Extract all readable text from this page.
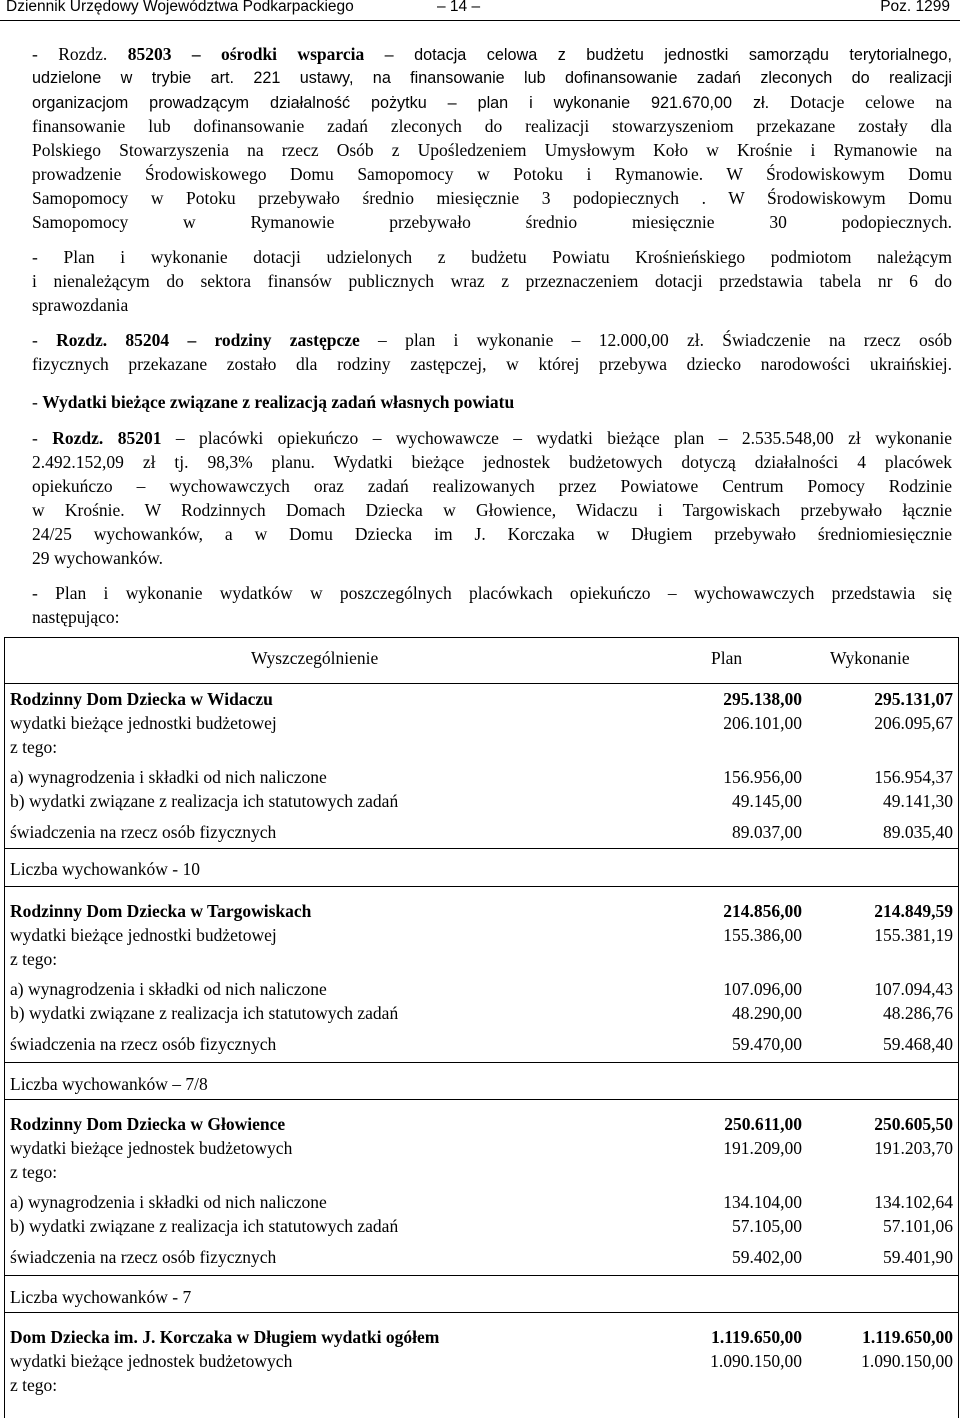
Dziennik Urzędowy Województwa Podkarpackiego	– 14 –	Poz. 1299
- Rozdz. 85203 – ośrodki wsparcia – dotacja celowa z budżetu jednostki samorządu terytorialnego,
udzielone w trybie art. 221 ustawy, na finansowanie lub dofinansowanie zadań zleconych do realizacji
organizacjom prowadzącym działalność pożytku – plan i wykonanie 921.670,00 zł. Dotacje celowe na
finansowanie lub dofinansowanie zadań zleconych do realizacji stowarzyszeniom przekazane zostały dla
Polskiego Stowarzyszenia na rzecz Osób z Upośledzeniem Umysłowym Koło w Krośnie i Rymanowie na
prowadzenie Środowiskowego Domu Samopomocy w Potoku i Rymanowie. W Środowiskowym Domu
Samopomocy w Potoku przebywało średnio miesięcznie 3 podopiecznych . W Środowiskowym Domu
Samopomocy w Rymanowie przebywało średnio miesięcznie 30 podopiecznych.
- Plan i wykonanie dotacji udzielonych z budżetu Powiatu Krośnieńskiego podmiotom należącym
i nienależącym do sektora finansów publicznych wraz z przeznaczeniem dotacji przedstawia tabela nr 6 do
sprawozdania
- Rozdz. 85204 – rodziny zastępcze – plan i wykonanie – 12.000,00 zł. Świadczenie na rzecz osób
fizycznych przekazane zostało dla rodziny zastępczej, w której przebywa dziecko narodowości ukraińskiej.
- Wydatki bieżące związane z realizacją zadań własnych powiatu
- Rozdz. 85201 – placówki opiekuńczo – wychowawcze – wydatki bieżące plan – 2.535.548,00 zł wykonanie
2.492.152,09 zł tj. 98,3% planu. Wydatki bieżące jednostek budżetowych dotyczą działalności 4 placówek
opiekuńczo – wychowawczych oraz zadań realizowanych przez Powiatowe Centrum Pomocy Rodzinie
w Krośnie. W Rodzinnych Domach Dziecka w Głowience, Widaczu i Targowiskach przebywało łącznie
24/25 wychowanków, a w Domu Dziecka im J. Korczaka w Długiem przebywało średniomiesięcznie
29 wychowanków.
- Plan i wykonanie wydatków w poszczególnych placówkach opiekuńczo – wychowawczych przedstawia się
następująco:
Wyszczególnienie	Plan	Wykonanie
Rodzinny Dom Dziecka w Widaczu	295.138,00	295.131,07
wydatki bieżące jednostki budżetowej	206.101,00	206.095,67
z tego:
a) wynagrodzenia i składki od nich naliczone	156.956,00	156.954,37
b) wydatki związane z realizacja ich statutowych zadań	49.145,00	49.141,30
świadczenia na rzecz osób fizycznych	89.037,00	89.035,40
Liczba wychowanków - 10
Rodzinny Dom Dziecka w Targowiskach	214.856,00	214.849,59
wydatki bieżące jednostki budżetowej	155.386,00	155.381,19
z tego:
a) wynagrodzenia i składki od nich naliczone	107.096,00	107.094,43
b) wydatki związane z realizacja ich statutowych zadań	48.290,00	48.286,76
świadczenia na rzecz osób fizycznych	59.470,00	59.468,40
Liczba wychowanków – 7/8
Rodzinny Dom Dziecka w Głowience	250.611,00	250.605,50
wydatki bieżące jednostek budżetowych	191.209,00	191.203,70
z tego:
a) wynagrodzenia i składki od nich naliczone	134.104,00	134.102,64
b) wydatki związane z realizacja ich statutowych zadań	57.105,00	57.101,06
świadczenia na rzecz osób fizycznych	59.402,00	59.401,90
Liczba wychowanków - 7
Dom Dziecka im. J. Korczaka w Długiem wydatki ogółem	1.119.650,00	1.119.650,00
wydatki bieżące jednostek budżetowych	1.090.150,00	1.090.150,00
z tego:
